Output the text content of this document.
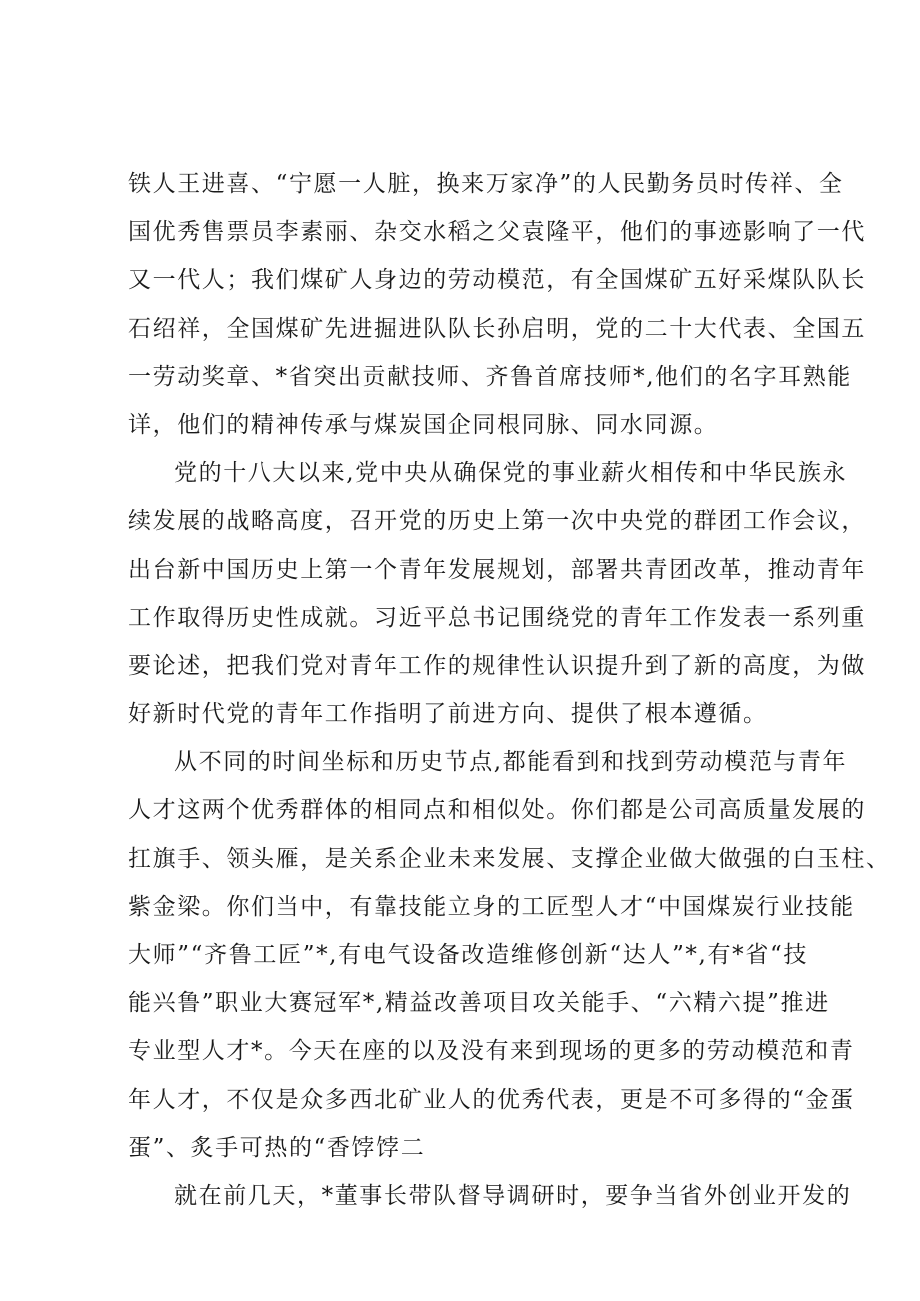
铁人王进喜、“宁愿一人脏，换来万家净”的人民勤务员时传祥、全
国优秀售票员李素丽、杂交水稻之父袁隆平，他们的事迹影响了一代
又一代人；我们煤矿人身边的劳动模范，有全国煤矿五好采煤队队长
石绍祥，全国煤矿先进掘进队队长孙启明，党的二十大代表、全国五
一劳动奖章、*省突出贡献技师、齐鲁首席技师*,他们的名字耳熟能
详，他们的精神传承与煤炭国企同根同脉、同水同源。
党的十八大以来,党中央从确保党的事业薪火相传和中华民族永
续发展的战略高度，召开党的历史上第一次中央党的群团工作会议，
出台新中国历史上第一个青年发展规划，部署共青团改革，推动青年
工作取得历史性成就。习近平总书记围绕党的青年工作发表一系列重
要论述，把我们党对青年工作的规律性认识提升到了新的高度，为做
好新时代党的青年工作指明了前进方向、提供了根本遵循。
从不同的时间坐标和历史节点,都能看到和找到劳动模范与青年
人才这两个优秀群体的相同点和相似处。你们都是公司高质量发展的
扛旗手、领头雁，是关系企业未来发展、支撑企业做大做强的白玉柱、
紫金梁。你们当中，有靠技能立身的工匠型人才“中国煤炭行业技能
大师”“齐鲁工匠”*,有电气设备改造维修创新“达人”*,有*省“技
能兴鲁”职业大赛冠军*,精益改善项目攻关能手、“六精六提”推进
专业型人才*。今天在座的以及没有来到现场的更多的劳动模范和青
年人才，不仅是众多西北矿业人的优秀代表，更是不可多得的“金蛋
蛋”、炙手可热的“香饽饽二
就在前几天，*董事长带队督导调研时，要争当省外创业开发的
